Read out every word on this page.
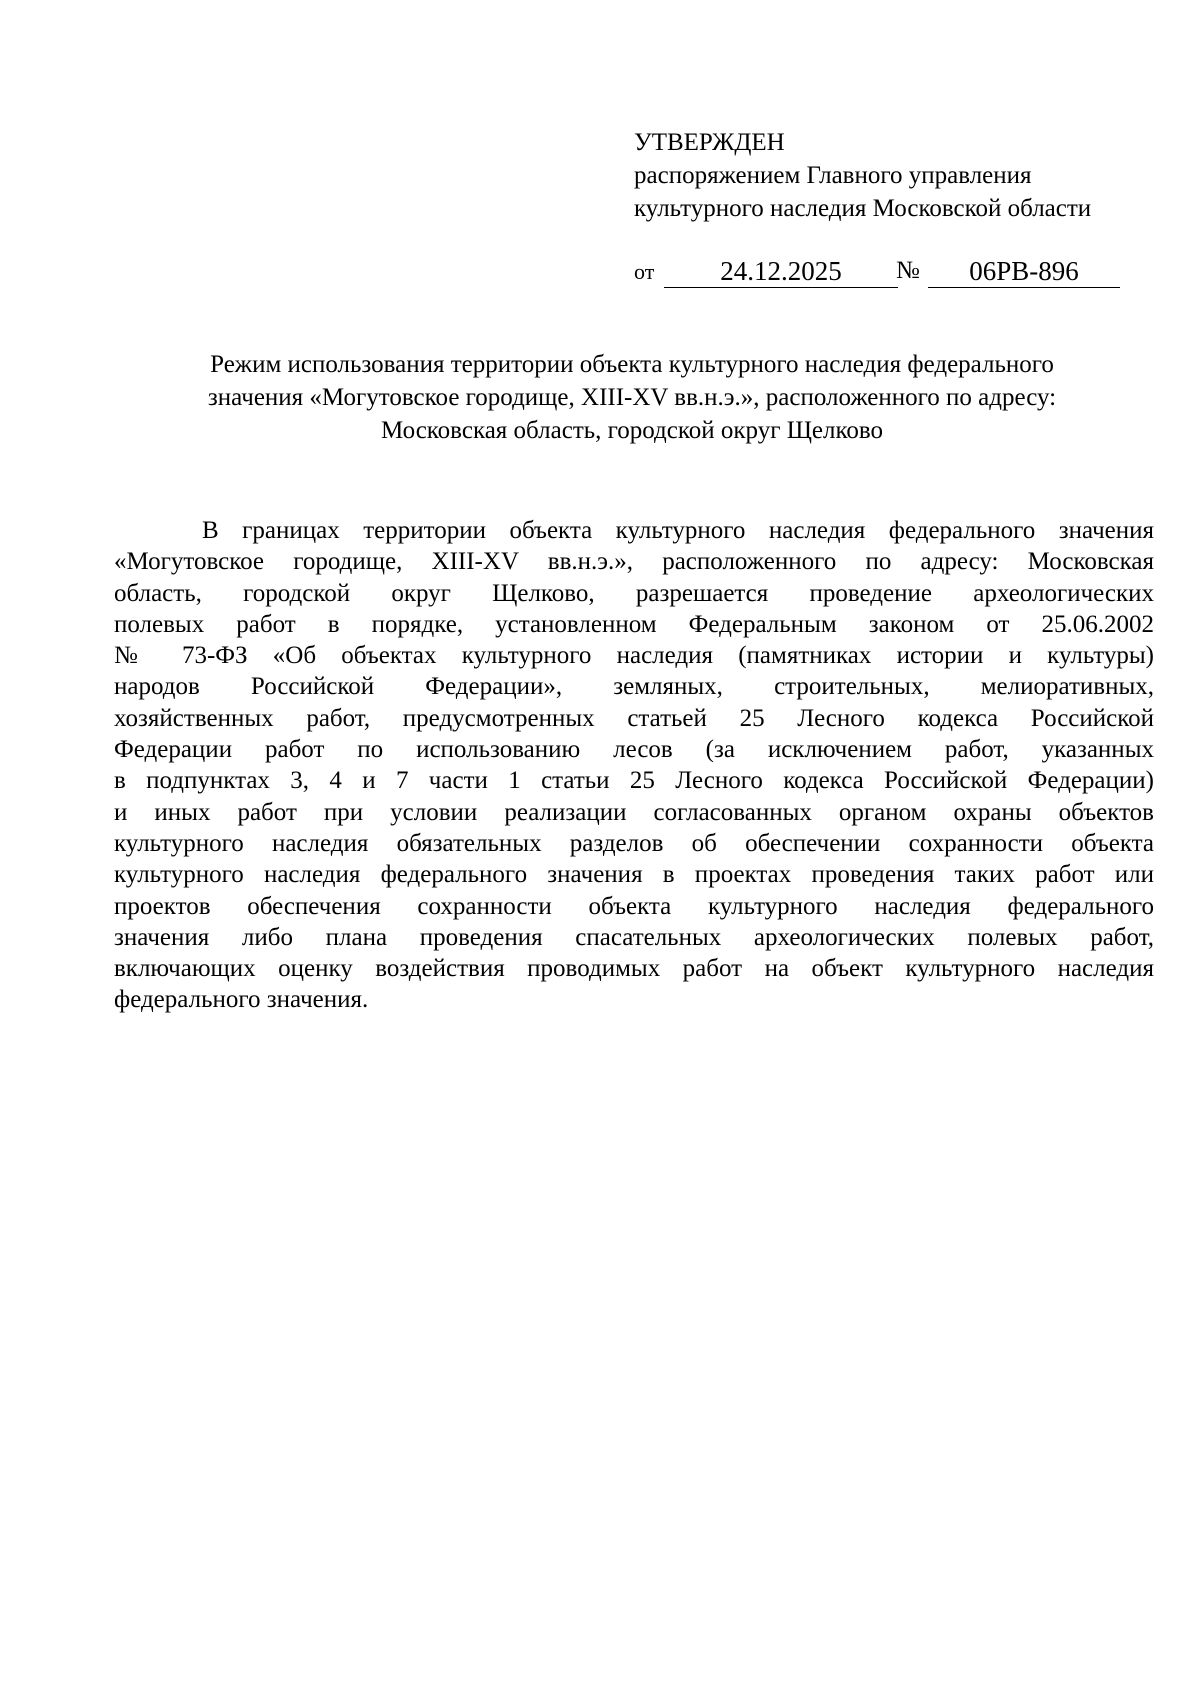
УТВЕРЖДЕН
распоряжением Главного управления
культурного наследия Московской области
от	24.12.2025	№	06РВ-896
Режим использования территории объекта культурного наследия федерального
значения «Могутовское городище, XIII-XV вв.н.э.», расположенного по адресу:
Московская область, городской округ Щелково
В границах территории объекта культурного наследия федерального значения
«Могутовское городище, XIII-XV вв.н.э.», расположенного по адресу: Московская
область, городской округ Щелково, разрешается проведение археологических
полевых работ в порядке, установленном Федеральным законом от 25.06.2002
№ 73-ФЗ «Об объектах культурного наследия (памятниках истории и культуры)
народов Российской Федерации», земляных, строительных, мелиоративных,
хозяйственных работ, предусмотренных статьей 25 Лесного кодекса Российской
Федерации работ по использованию лесов (за исключением работ, указанных
в подпунктах 3, 4 и 7 части 1 статьи 25 Лесного кодекса Российской Федерации)
и иных работ при условии реализации согласованных органом охраны объектов
культурного наследия обязательных разделов об обеспечении сохранности объекта
культурного наследия федерального значения в проектах проведения таких работ или
проектов обеспечения сохранности объекта культурного наследия федерального
значения либо плана проведения спасательных археологических полевых работ,
включающих оценку воздействия проводимых работ на объект культурного наследия
федерального значения.
